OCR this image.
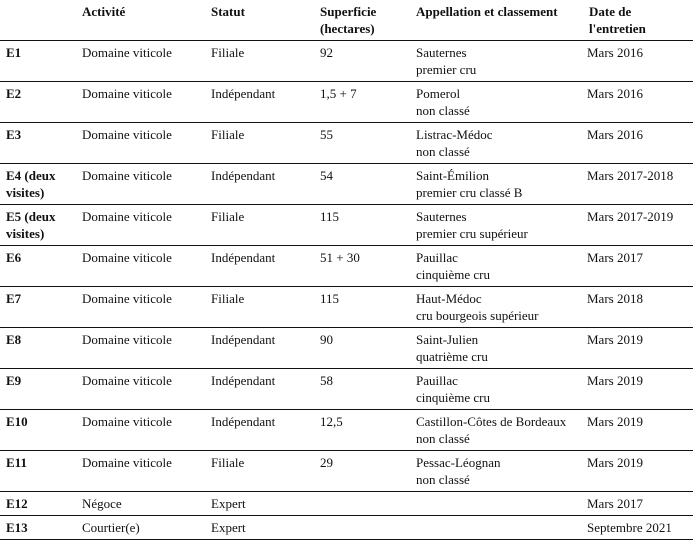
	Activité	Statut	Superficie
(hectares)	Appellation et classement	Date de
l'entretien

E1	Domaine viticole	Filiale	92	Sauternes
premier cru	Mars 2016

E2	Domaine viticole	Indépendant	1,5 + 7	Pomerol
non classé	Mars 2016

E3	Domaine viticole	Filiale	55	Listrac-Médoc
non classé	Mars 2016

E4 (deux
visites)	Domaine viticole	Indépendant	54	Saint-Émilion
premier cru classé B	Mars 2017-2018

E5 (deux
visites)	Domaine viticole	Filiale	115	Sauternes
premier cru supérieur	Mars 2017-2019

E6	Domaine viticole	Indépendant	51 + 30	Pauillac
cinquième cru	Mars 2017

E7	Domaine viticole	Filiale	115	Haut-Médoc
cru bourgeois supérieur	Mars 2018

E8	Domaine viticole	Indépendant	90	Saint-Julien
quatrième cru	Mars 2019

E9	Domaine viticole	Indépendant	58	Pauillac
cinquième cru	Mars 2019

E10	Domaine viticole	Indépendant	12,5	Castillon-Côtes de Bordeaux
non classé	Mars 2019

E11	Domaine viticole	Filiale	29	Pessac-Léognan
non classé	Mars 2019

E12	Négoce	Expert			Mars 2017

E13	Courtier(e)	Expert			Septembre 2021
